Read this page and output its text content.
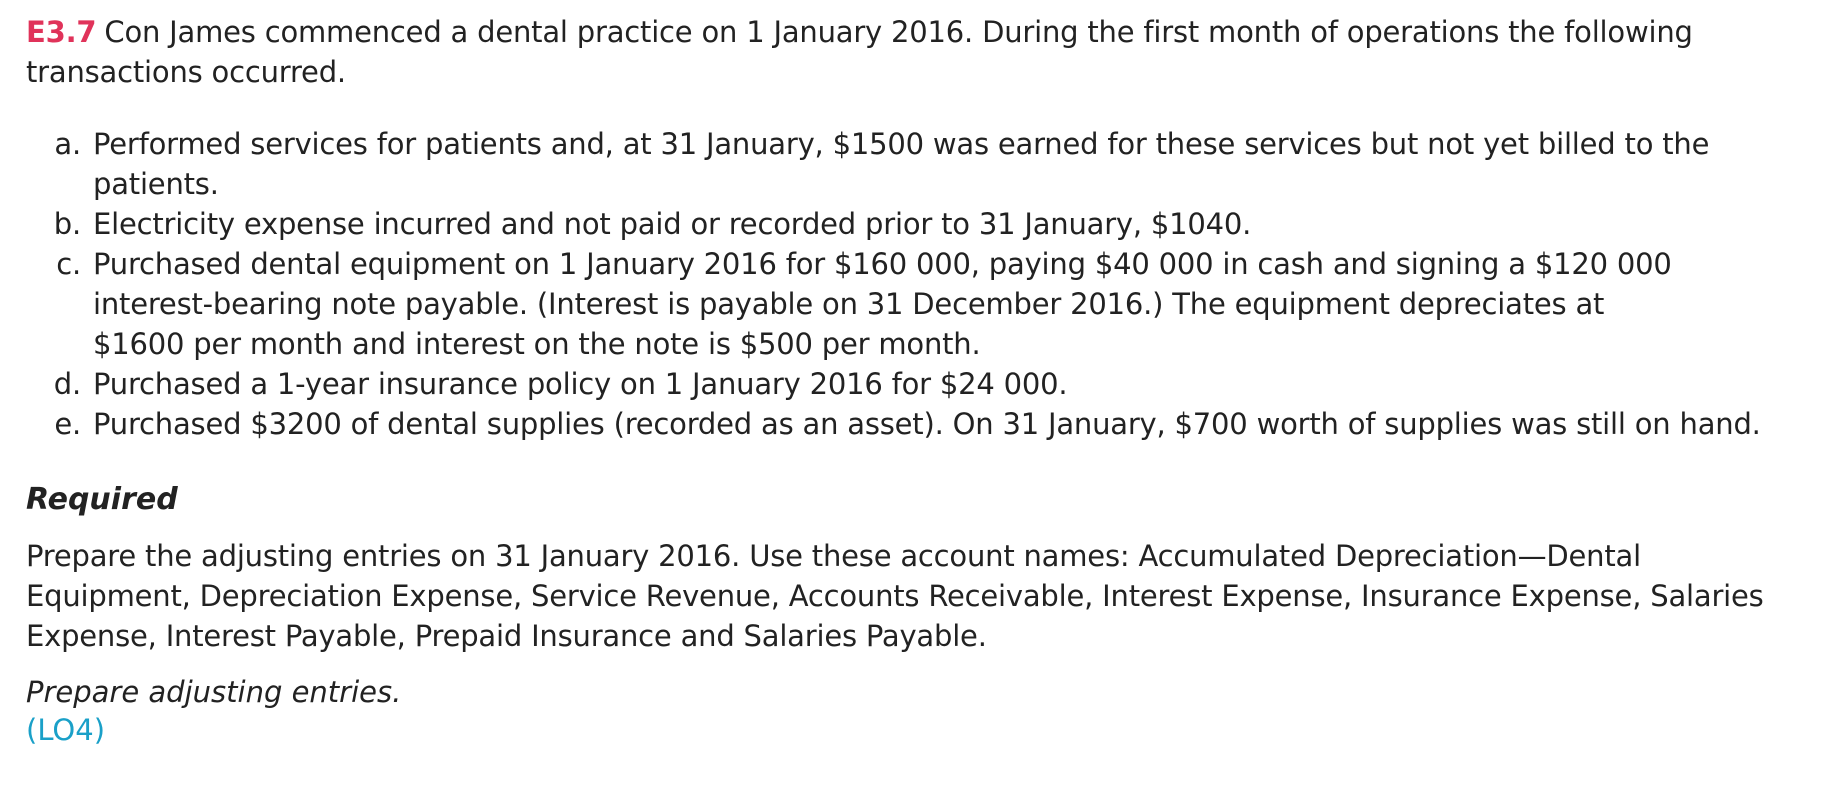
E3.7 Con James commenced a dental practice on 1 January 2016. During the first month of operations the following transactions occurred.

a. Performed services for patients and, at 31 January, $1500 was earned for these services but not yet billed to the patients.
b. Electricity expense incurred and not paid or recorded prior to 31 January, $1040.
c. Purchased dental equipment on 1 January 2016 for $160 000, paying $40 000 in cash and signing a $120 000 interest-bearing note payable. (Interest is payable on 31 December 2016.) The equipment depreciates at $1600 per month and interest on the note is $500 per month.
d. Purchased a 1-year insurance policy on 1 January 2016 for $24 000.
e. Purchased $3200 of dental supplies (recorded as an asset). On 31 January, $700 worth of supplies was still on hand.
Required

Prepare the adjusting entries on 31 January 2016. Use these account names: Accumulated Depreciation—Dental Equipment, Depreciation Expense, Service Revenue, Accounts Receivable, Interest Expense, Insurance Expense, Salaries Expense, Interest Payable, Prepaid Insurance and Salaries Payable.

Prepare adjusting entries.

(LO4)
